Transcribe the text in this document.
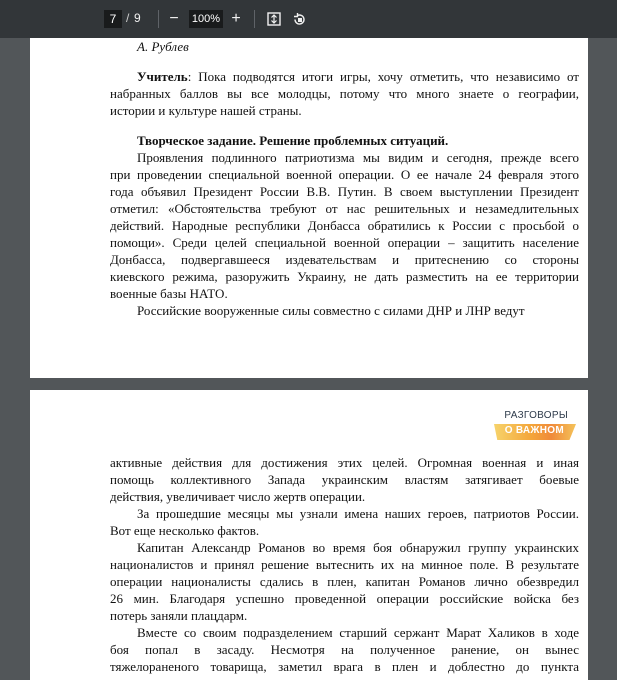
7 / 9	−	100% +
А. Рублев
Учитель: Пока подводятся итоги игры, хочу отметить, что независимо от
набранных баллов вы все молодцы, потому что много знаете о географии,
истории и культуре нашей страны.
Творческое задание. Решение проблемных ситуаций.
Проявления подлинного патриотизма мы видим и сегодня, прежде всего
при проведении специальной военной операции. О ее начале 24 февраля этого
года объявил Президент России В.В. Путин. В своем выступлении Президент
отметил: «Обстоятельства требуют от нас решительных и незамедлительных
действий. Народные республики Донбасса обратились к России с просьбой о
помощи». Среди целей специальной военной операции – защитить население
Донбасса, подвергавшееся издевательствам и притеснению со стороны
киевского режима, разоружить Украину, не дать разместить на ее территории
военные базы НАТО.
Российские вооруженные силы совместно с силами ДНР и ЛНР ведут
РАЗГОВОРЫ
О ВАЖНОМ
активные действия для достижения этих целей. Огромная военная и иная
помощь коллективного Запада украинским властям затягивает боевые
действия, увеличивает число жертв операции.
За прошедшие месяцы мы узнали имена наших героев, патриотов России.
Вот еще несколько фактов.
Капитан Александр Романов во время боя обнаружил группу украинских
националистов и принял решение вытеснить их на минное поле. В результате
операции националисты сдались в плен, капитан Романов лично обезвредил
26 мин. Благодаря успешно проведенной операции российские войска без
потерь заняли плацдарм.
Вместе со своим подразделением старший сержант Марат Халиков в ходе
боя попал в засаду. Несмотря на полученное ранение, он вынес
тяжелораненого товарища, заметил врага в плен и доблестно до пункта
